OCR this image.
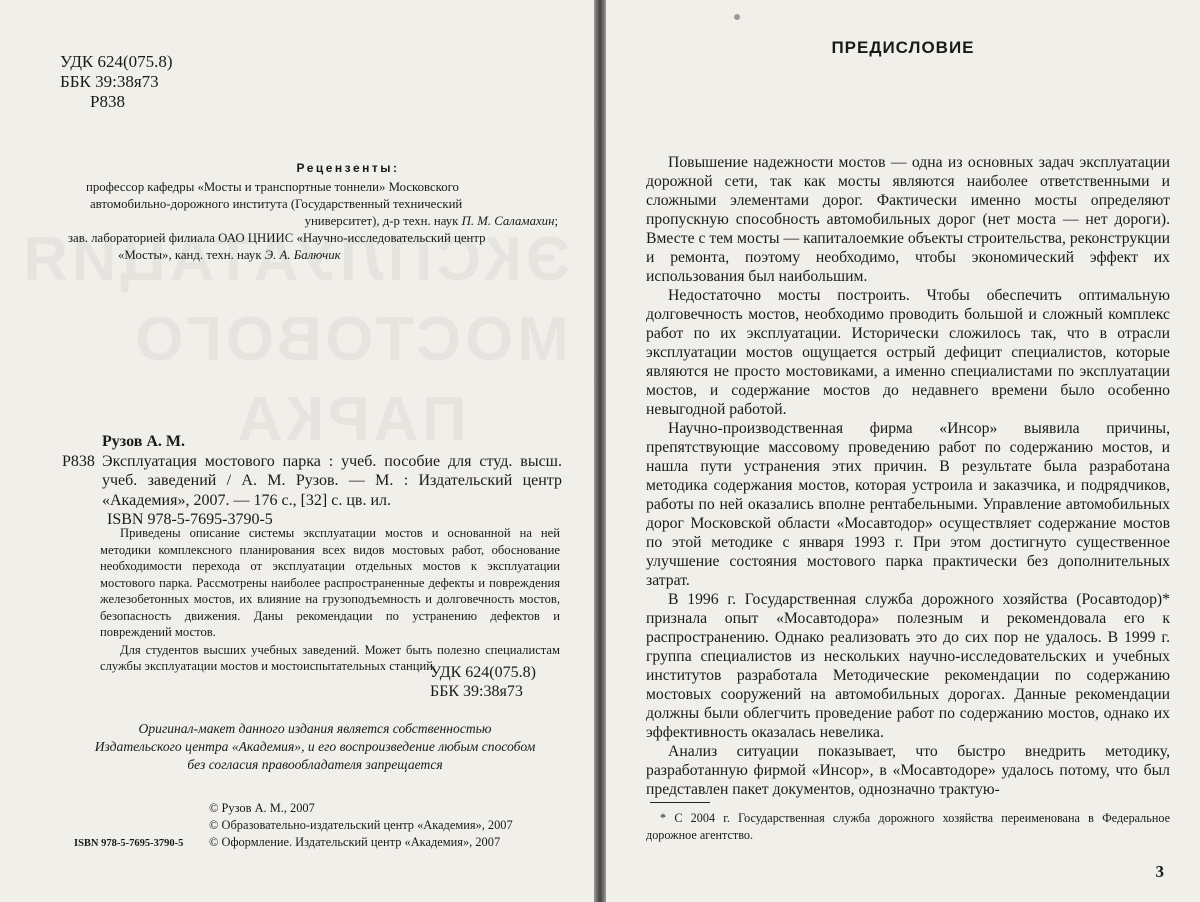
УДК 624(075.8)
ББК 39:38я73
Р838
Рецензенты:

профессор кафедры «Мосты и транспортные тоннели» Московского

автомобильно-дорожного института (Государственный технический

университет), д-р техн. наук П. М. Саламахин;

зав. лабораторией филиала ОАО ЦНИИС «Научно-исследовательский центр

«Мосты», канд. техн. наук Э. А. Балючик

Рузов А. М.
Р838 Эксплуатация мостового парка : учеб. пособие для студ. высш. учеб. заведений / А. М. Рузов. — М. : Издательский центр «Академия», 2007. — 176 с., [32] с. цв. ил.
ISBN 978-5-7695-3790-5

Приведены описание системы эксплуатации мостов и основанной на ней методики комплексного планирования всех видов мостовых работ, обоснование необходимости перехода от эксплуатации отдельных мостов к эксплуатации мостового парка. Рассмотрены наиболее распространенные дефекты и повреждения железобетонных мостов, их влияние на грузоподъемность и долговечность мостов, безопасность движения. Даны рекомендации по устранению дефектов и повреждений мостов.

Для студентов высших учебных заведений. Может быть полезно специалистам службы эксплуатации мостов и мостоиспытательных станций.

УДК 624(075.8)
ББК 39:38я73
Оригинал-макет данного издания является собственностью
Издательского центра «Академия», и его воспроизведение любым способом
без согласия правообладателя запрещается
© Рузов А. М., 2007
© Образовательно-издательский центр «Академия», 2007
ISBN 978-5-7695-3790-5	© Оформление. Издательский центр «Академия», 2007
ПРЕДИСЛОВИЕ

Повышение надежности мостов — одна из основных задач эксплуатации дорожной сети, так как мосты являются наиболее ответственными и сложными элементами дорог. Фактически именно мосты определяют пропускную способность автомобильных дорог (нет моста — нет дороги). Вместе с тем мосты — капиталоемкие объекты строительства, реконструкции и ремонта, поэтому необходимо, чтобы экономический эффект их использования был наибольшим.

Недостаточно мосты построить. Чтобы обеспечить оптимальную долговечность мостов, необходимо проводить большой и сложный комплекс работ по их эксплуатации. Исторически сложилось так, что в отрасли эксплуатации мостов ощущается острый дефицит специалистов, которые являются не просто мостовиками, а именно специалистами по эксплуатации мостов, и содержание мостов до недавнего времени было особенно невыгодной работой.

Научно-производственная фирма «Инсор» выявила причины, препятствующие массовому проведению работ по содержанию мостов, и нашла пути устранения этих причин. В результате была разработана методика содержания мостов, которая устроила и заказчика, и подрядчиков, работы по ней оказались вполне рентабельными. Управление автомобильных дорог Московской области «Мосавтодор» осуществляет содержание мостов по этой методике с января 1993 г. При этом достигнуто существенное улучшение состояния мостового парка практически без дополнительных затрат.

В 1996 г. Государственная служба дорожного хозяйства (Росавтодор)* признала опыт «Мосавтодора» полезным и рекомендовала его к распространению. Однако реализовать это до сих пор не удалось. В 1999 г. группа специалистов из нескольких научно-исследовательских и учебных институтов разработала Методические рекомендации по содержанию мостовых сооружений на автомобильных дорогах. Данные рекомендации должны были облегчить проведение работ по содержанию мостов, однако их эффективность оказалась невелика.

Анализ ситуации показывает, что быстро внедрить методику, разработанную фирмой «Инсор», в «Мосавтодоре» удалось потому, что был представлен пакет документов, однозначно трактую-

* С 2004 г. Государственная служба дорожного хозяйства переименована в Федеральное дорожное агентство.
3
